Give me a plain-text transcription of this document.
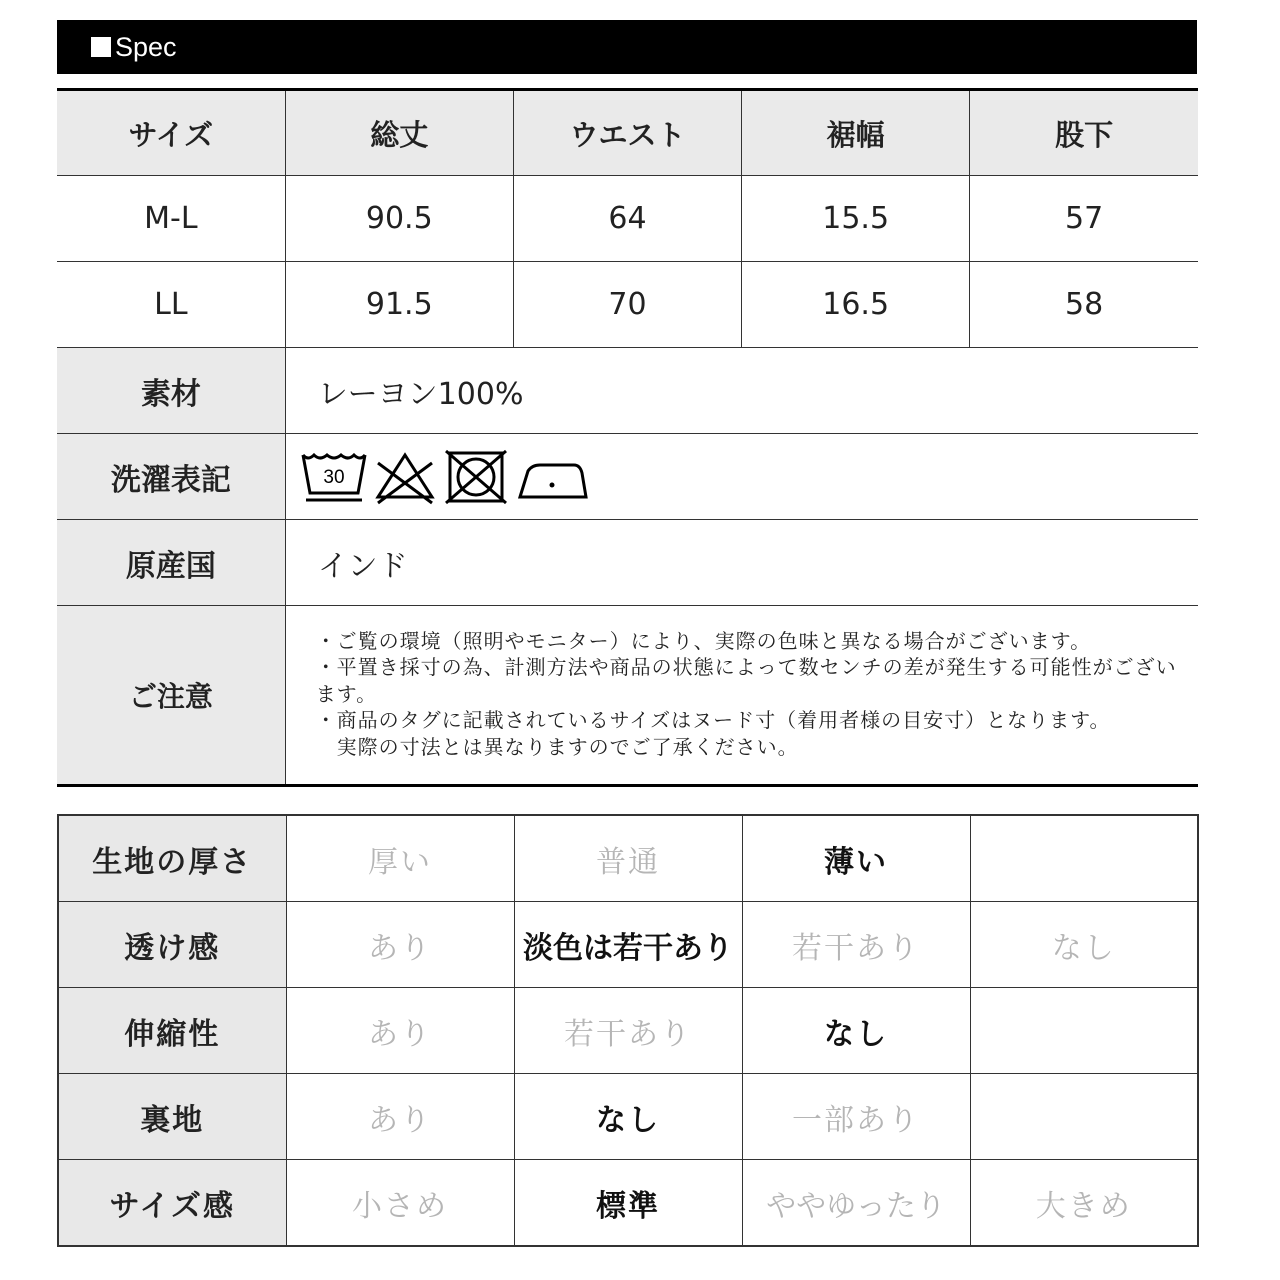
Spec
サイズ	総丈	ウエスト	裾幅	股下
M-L	90.5	64	15.5	57
LL	91.5	70	16.5	58
素材	レーヨン100%			
洗濯表記	30			

原産国	インド			
ご注意	・ご覧の環境（照明やモニター）により、実際の色味と異なる場合がございます。
・平置き採寸の為、計測方法や商品の状態によって数センチの差が発生する可能性がございます。
・商品のタグに記載されているサイズはヌード寸（着用者様の目安寸）となります。
　実際の寸法とは異なりますのでご了承ください。			
生地の厚さ	厚い	普通	薄い	
透け感	あり	淡色は若干あり	若干あり	なし
伸縮性	あり	若干あり	なし	
裏地	あり	なし	一部あり	
サイズ感	小さめ	標準	ややゆったり	大きめ
